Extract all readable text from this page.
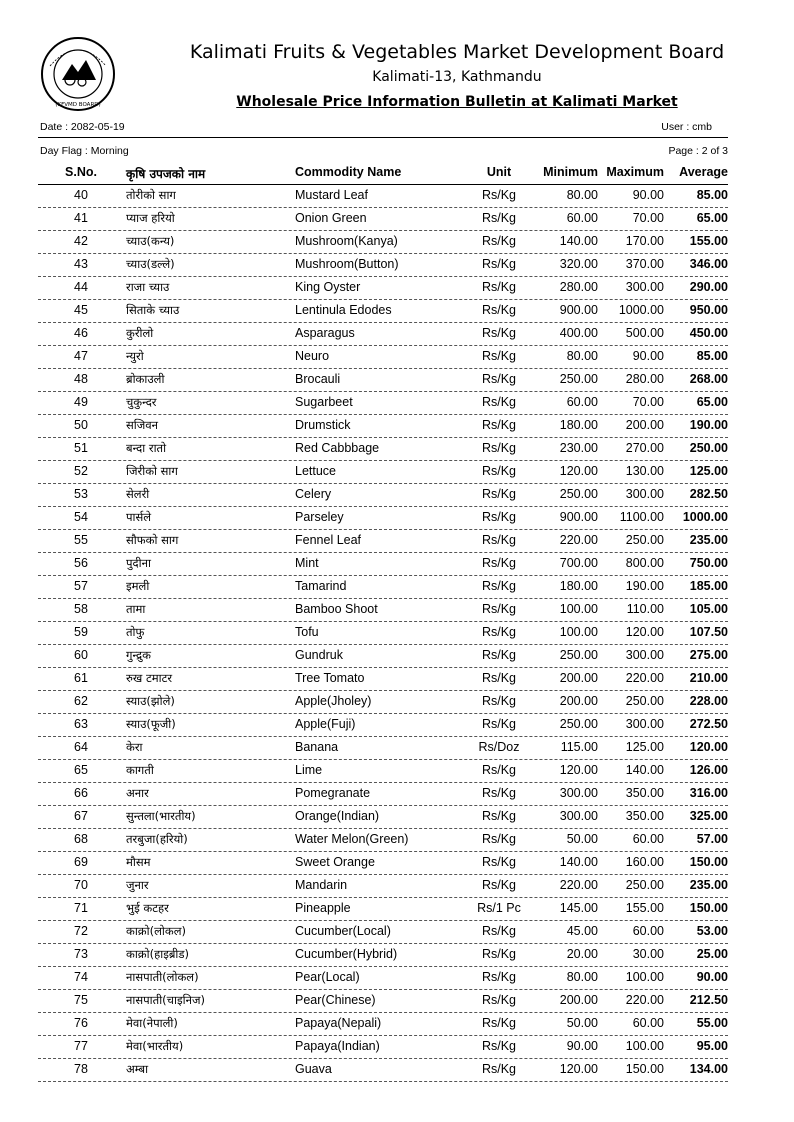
(KFVMD BOARD)
Kalimati Fruits & Vegetables Market Development Board
Kalimati-13, Kathmandu
Wholesale Price Information Bulletin at Kalimati Market
Date : 2082-05-19	User : cmb
Day Flag : Morning	Page : 2 of 3
S.No.	कृषि उपजको नाम	Commodity Name	Unit	Minimum Maximum	Average
40	तोरीको साग	Mustard Leaf	Rs/Kg	80.00	90.00	85.00
41	प्याज हरियो	Onion Green	Rs/Kg	60.00	70.00	65.00
42	च्याउ(कन्य)	Mushroom(Kanya)	Rs/Kg	140.00	170.00	155.00
43	च्याउ(डल्ले)	Mushroom(Button)	Rs/Kg	320.00	370.00	346.00
44	राजा च्याउ	King Oyster	Rs/Kg	280.00	300.00	290.00
45	सिताके च्याउ	Lentinula Edodes	Rs/Kg	900.00	1000.00	950.00
46	कुरीलो	Asparagus	Rs/Kg	400.00	500.00	450.00
47	न्युरो	Neuro	Rs/Kg	80.00	90.00	85.00
48	ब्रोकाउली	Brocauli	Rs/Kg	250.00	280.00	268.00
49	चुकुन्दर	Sugarbeet	Rs/Kg	60.00	70.00	65.00
50	सजिवन	Drumstick	Rs/Kg	180.00	200.00	190.00
51	बन्दा रातो	Red Cabbbage	Rs/Kg	230.00	270.00	250.00
52	जिरीको साग	Lettuce	Rs/Kg	120.00	130.00	125.00
53	सेलरी	Celery	Rs/Kg	250.00	300.00	282.50
54	पार्सले	Parseley	Rs/Kg	900.00	1100.00	1000.00
55	सौफको साग	Fennel Leaf	Rs/Kg	220.00	250.00	235.00
56	पुदीना	Mint	Rs/Kg	700.00	800.00	750.00
57	इमली	Tamarind	Rs/Kg	180.00	190.00	185.00
58	तामा	Bamboo Shoot	Rs/Kg	100.00	110.00	105.00
59	तोफु	Tofu	Rs/Kg	100.00	120.00	107.50
60	गुन्द्रुक	Gundruk	Rs/Kg	250.00	300.00	275.00
61	रुख टमाटर	Tree Tomato	Rs/Kg	200.00	220.00	210.00
62	स्याउ(झोले)	Apple(Jholey)	Rs/Kg	200.00	250.00	228.00
63	स्याउ(फूजी)	Apple(Fuji)	Rs/Kg	250.00	300.00	272.50
64	केरा	Banana	Rs/Doz	115.00	125.00	120.00
65	कागती	Lime	Rs/Kg	120.00	140.00	126.00
66	अनार	Pomegranate	Rs/Kg	300.00	350.00	316.00
67	सुन्तला(भारतीय)	Orange(Indian)	Rs/Kg	300.00	350.00	325.00
68	तरबुजा(हरियो)	Water Melon(Green)	Rs/Kg	50.00	60.00	57.00
69	मौसम	Sweet Orange	Rs/Kg	140.00	160.00	150.00
70	जुनार	Mandarin	Rs/Kg	220.00	250.00	235.00
71	भुई कटहर	Pineapple	Rs/1 Pc	145.00	155.00	150.00
72	काक्रो(लोकल)	Cucumber(Local)	Rs/Kg	45.00	60.00	53.00
73	काक्रो(हाइब्रीड)	Cucumber(Hybrid)	Rs/Kg	20.00	30.00	25.00
74	नासपाती(लोकल)	Pear(Local)	Rs/Kg	80.00	100.00	90.00
75	नासपाती(चाइनिज)	Pear(Chinese)	Rs/Kg	200.00	220.00	212.50
76	मेवा(नेपाली)	Papaya(Nepali)	Rs/Kg	50.00	60.00	55.00
77	मेवा(भारतीय)	Papaya(Indian)	Rs/Kg	90.00	100.00	95.00
78	अम्बा	Guava	Rs/Kg	120.00	150.00	134.00
